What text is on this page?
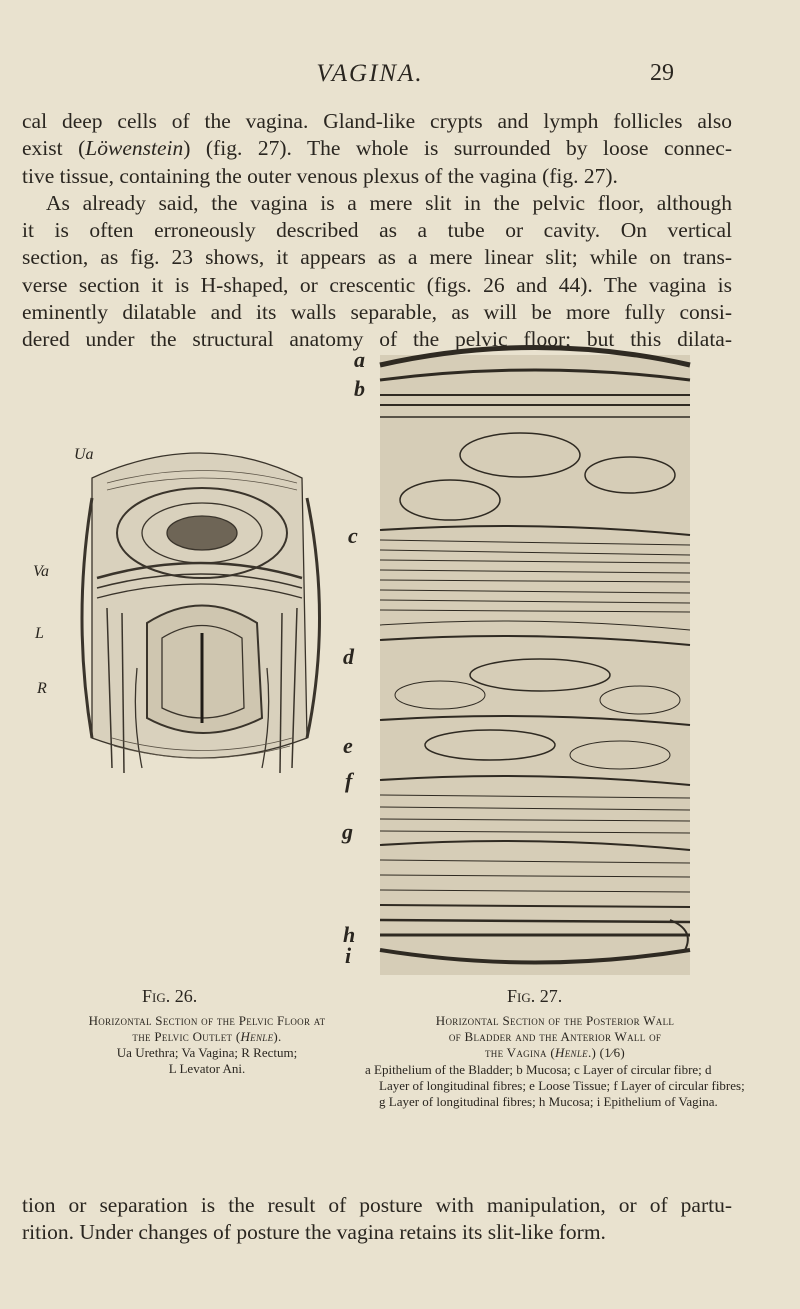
VAGINA.	29

cal deep cells of the vagina. Gland-like crypts and lymph follicles also

exist (Löwenstein) (fig. 27). The whole is surrounded by loose connec-

tive tissue, containing the outer venous plexus of the vagina (fig. 27).

As already said, the vagina is a mere slit in the pelvic floor, although

it is often erroneously described as a tube or cavity. On vertical

section, as fig. 23 shows, it appears as a mere linear slit; while on trans-

verse section it is H-shaped, or crescentic (figs. 26 and 44). The vagina is

eminently dilatable and its walls separable, as will be more fully consi-

dered under the structural anatomy of the pelvic floor; but this dilata-

Ua
Va
L
R
a
b
c
d
e
f
g
h
i
Fig. 26.	Fig. 27.
Horizontal Section of the Pelvic Floor at
the Pelvic Outlet (Henle).
Ua Urethra; Va Vagina; R Rectum;
L Levator Ani.
Horizontal Section of the Posterior Wall
of Bladder and the Anterior Wall of
the Vagina (Henle.) (1⁄6)
a Epithelium of the Bladder; b Mucosa; c Layer of circular fibre; d Layer of longitudinal fibres; e Loose Tissue; f Layer of circular fibres; g Layer of longitudinal fibres; h Mucosa; i Epithelium of Vagina.

tion or separation is the result of posture with manipulation, or of partu-

rition. Under changes of posture the vagina retains its slit-like form.
